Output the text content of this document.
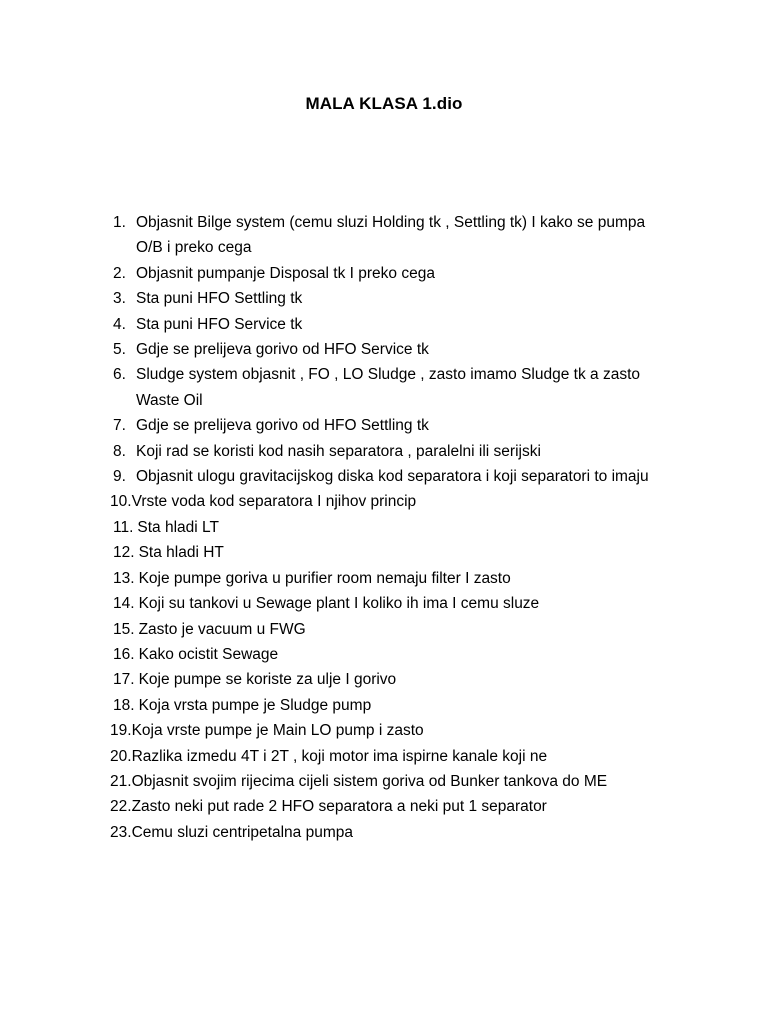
MALA KLASA 1.dio
1. Objasnit Bilge system (cemu sluzi Holding tk , Settling tk) I kako se pumpa O/B i preko cega
2. Objasnit pumpanje Disposal tk I preko cega
3. Sta puni HFO Settling tk
4. Sta puni HFO Service tk
5. Gdje se prelijeva gorivo od HFO Service tk
6. Sludge system objasnit , FO , LO Sludge , zasto imamo Sludge tk a zasto Waste Oil
7. Gdje se prelijeva gorivo od HFO Settling tk
8. Koji rad se koristi kod nasih separatora , paralelni ili serijski
9. Objasnit ulogu gravitacijskog diska kod separatora i koji separatori to imaju
10. Vrste voda kod separatora I njihov princip
11. Sta hladi LT
12. Sta hladi HT
13. Koje pumpe goriva u purifier room nemaju filter I zasto
14. Koji su tankovi u Sewage plant I koliko ih ima I cemu sluze
15. Zasto je vacuum u FWG
16. Kako ocistit Sewage
17. Koje pumpe se koriste za ulje I gorivo
18. Koja vrsta pumpe je Sludge pump
19. Koja vrste pumpe je Main LO pump i zasto
20. Razlika izmedu 4T i 2T , koji motor ima ispirne kanale koji ne
21. Objasnit svojim rijecima cijeli sistem goriva od Bunker tankova do ME
22. Zasto neki put rade 2 HFO separatora a neki put 1 separator
23. Cemu sluzi centripetalna pumpa
